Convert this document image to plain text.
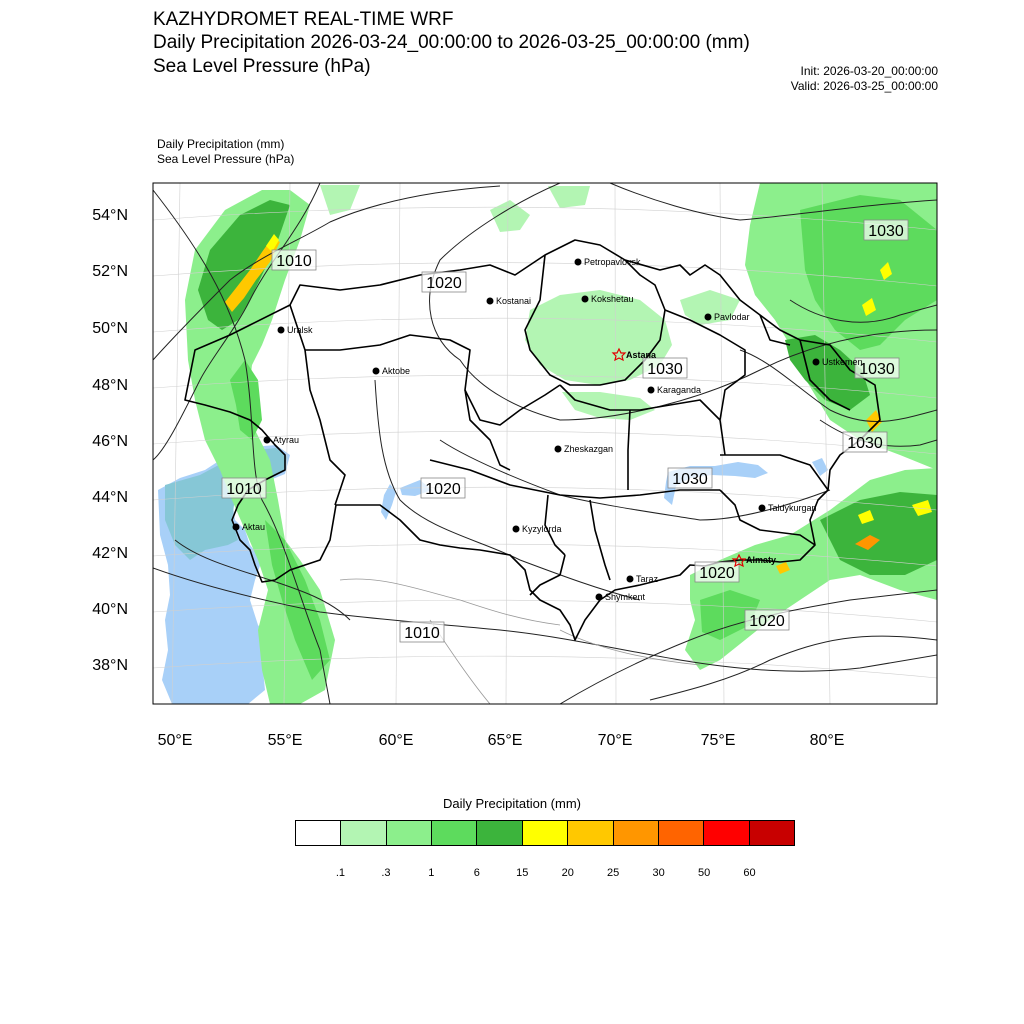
KAZHYDROMET REAL-TIME WRF
Daily Precipitation 2026-03-24_00:00:00 to 2026-03-25_00:00:00 (mm)
Sea Level Pressure (hPa)	Init: 2026-03-20_00:00:00
Valid: 2026-03-25_00:00:00
Daily Precipitation (mm)
Sea Level Pressure (hPa)
54°N
52°N
50°N
48°N
46°N
44°N
42°N
40°N
38°N
50°E	55°E	60°E	65°E	70°E	75°E	80°E
1010
1020
1030
1030	1030
1030
1010	1020
1030
1020
1020
1010
Petropavlovsk
Kostanai	Kokshetau
Pavlodar
Uralsk
Aktobe
Astana
Karaganda
Ustkemen
Atyrau
Zheskazgan
Aktau	Kyzylorda
Taldykurgan
Almaty
Taraz
Shymkent
Daily Precipitation (mm)
.1	.3	1	6	15	20	25	30	50	60
